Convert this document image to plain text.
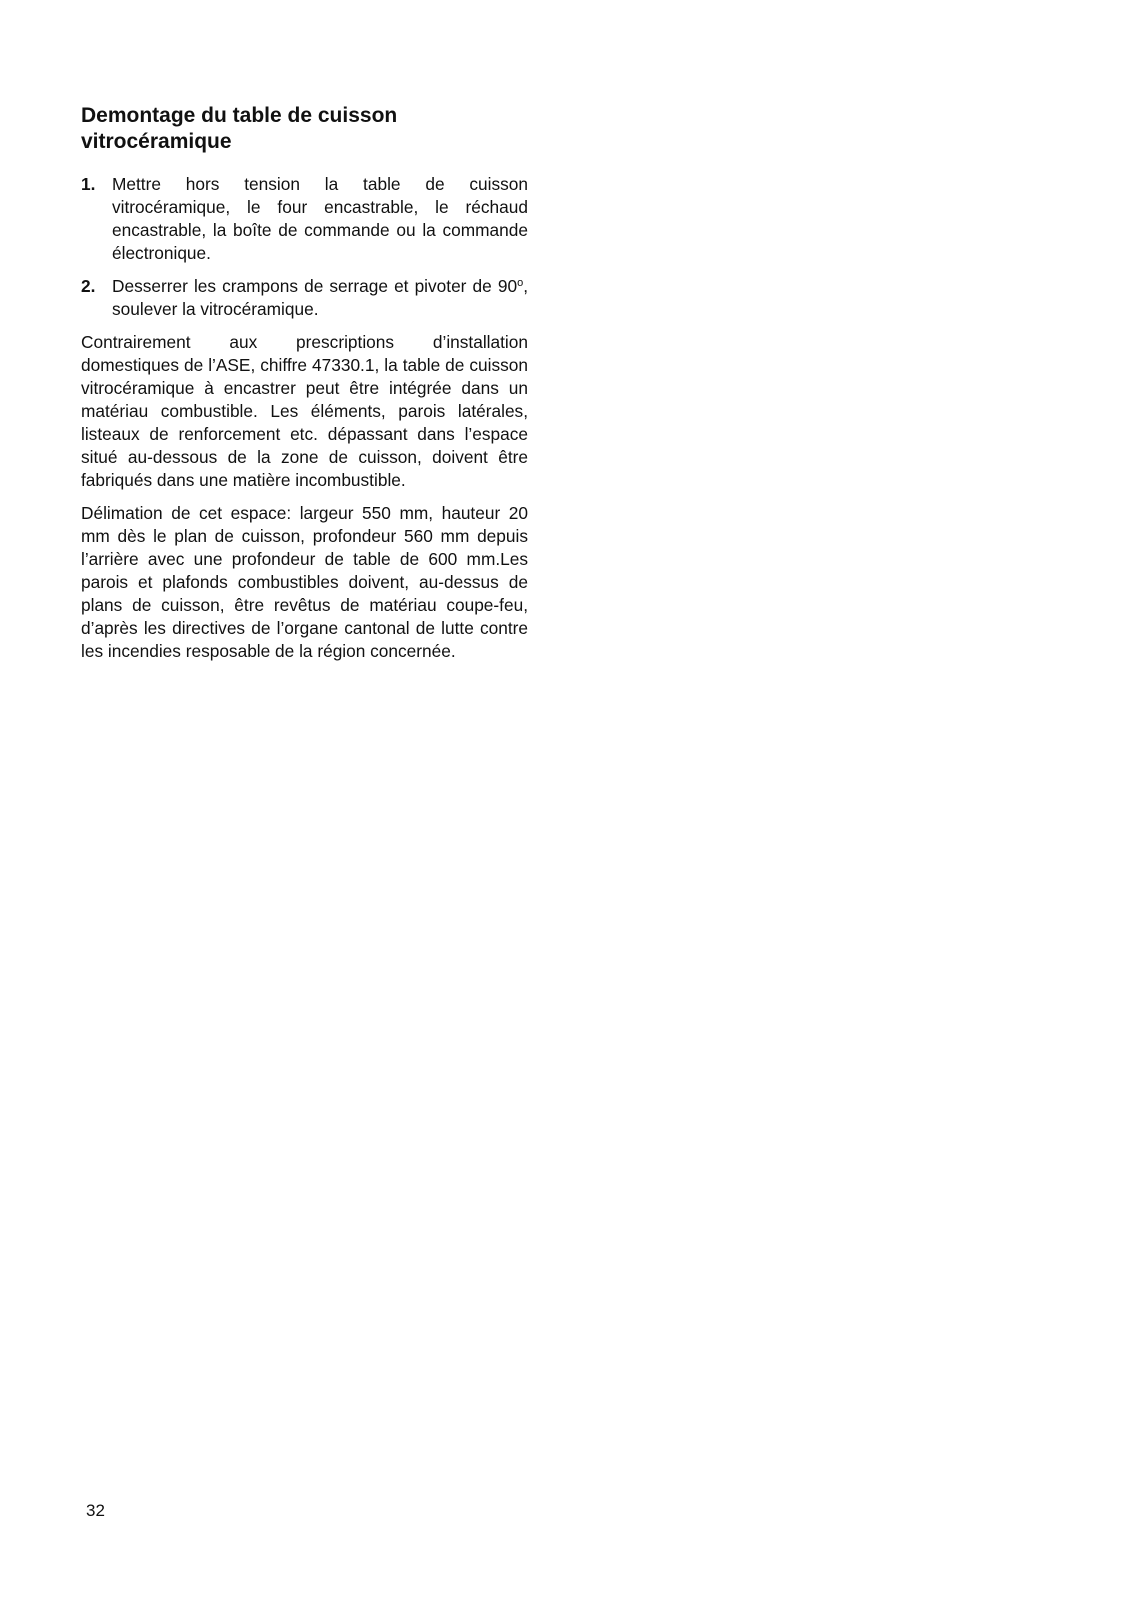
Demontage du table de cuisson vitrocéramique
1. Mettre hors tension la table de cuisson vitrocéramique, le four encastrable, le réchaud encastrable, la boîte de commande ou la commande électronique.
2. Desserrer les crampons de serrage et pivoter de 90$^o$, soulever la vitrocéramique.

Contrairement aux prescriptions d’installation domestiques de l’ASE, chiffre 47330.1, la table de cuisson vitrocéramique à encastrer peut être intégrée dans un matériau combustible. Les éléments, parois latérales, listeaux de renforcement etc. dépassant dans l’espace situé au-dessous de la zone de cuisson, doivent être fabriqués dans une matière incombustible.

Délimation de cet espace: largeur 550 mm, hauteur 20 mm dès le plan de cuisson, profondeur 560 mm depuis l’arrière avec une profondeur de table de 600 mm.Les parois et plafonds combustibles doivent, au-dessus de plans de cuisson, être revêtus de matériau coupe-feu, d’après les directives de l’organe cantonal de lutte contre les incendies resposable de la région concernée.

32
